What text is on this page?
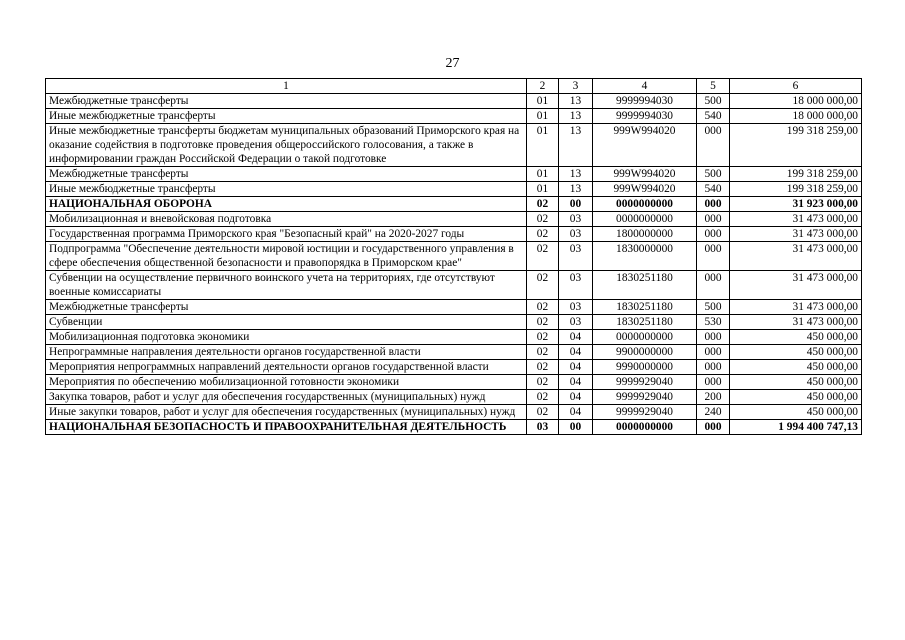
27
1	2	3	4	5	6
Межбюджетные трансферты	01	13	9999994030	500	18 000 000,00
Иные межбюджетные трансферты	01	13	9999994030	540	18 000 000,00
Иные межбюджетные трансферты бюджетам муниципальных образований Приморского края на оказание содействия в подготовке проведения общероссийского голосования, а также в информировании граждан Российской Федерации о такой подготовке	01	13	999W994020	000	199 318 259,00
Межбюджетные трансферты	01	13	999W994020	500	199 318 259,00
Иные межбюджетные трансферты	01	13	999W994020	540	199 318 259,00
НАЦИОНАЛЬНАЯ ОБОРОНА	02	00	0000000000	000	31 923 000,00
Мобилизационная и вневойсковая подготовка	02	03	0000000000	000	31 473 000,00
Государственная программа Приморского края "Безопасный край" на 2020-2027 годы	02	03	1800000000	000	31 473 000,00
Подпрограмма "Обеспечение деятельности мировой юстиции и государственного управления в сфере обеспечения общественной безопасности и правопорядка в Приморском крае"	02	03	1830000000	000	31 473 000,00
Субвенции на осуществление первичного воинского учета на территориях, где отсутствуют военные комиссариаты	02	03	1830251180	000	31 473 000,00
Межбюджетные трансферты	02	03	1830251180	500	31 473 000,00
Субвенции	02	03	1830251180	530	31 473 000,00
Мобилизационная подготовка экономики	02	04	0000000000	000	450 000,00
Непрограммные направления деятельности органов государственной власти	02	04	9900000000	000	450 000,00
Мероприятия непрограммных направлений деятельности органов государственной власти	02	04	9990000000	000	450 000,00
Мероприятия по обеспечению мобилизационной готовности экономики	02	04	9999929040	000	450 000,00
Закупка товаров, работ и услуг для обеспечения государственных (муниципальных) нужд	02	04	9999929040	200	450 000,00
Иные закупки товаров, работ и услуг для обеспечения государственных (муниципальных) нужд	02	04	9999929040	240	450 000,00
НАЦИОНАЛЬНАЯ БЕЗОПАСНОСТЬ И ПРАВООХРАНИТЕЛЬНАЯ ДЕЯТЕЛЬНОСТЬ	03	00	0000000000	000	1 994 400 747,13
